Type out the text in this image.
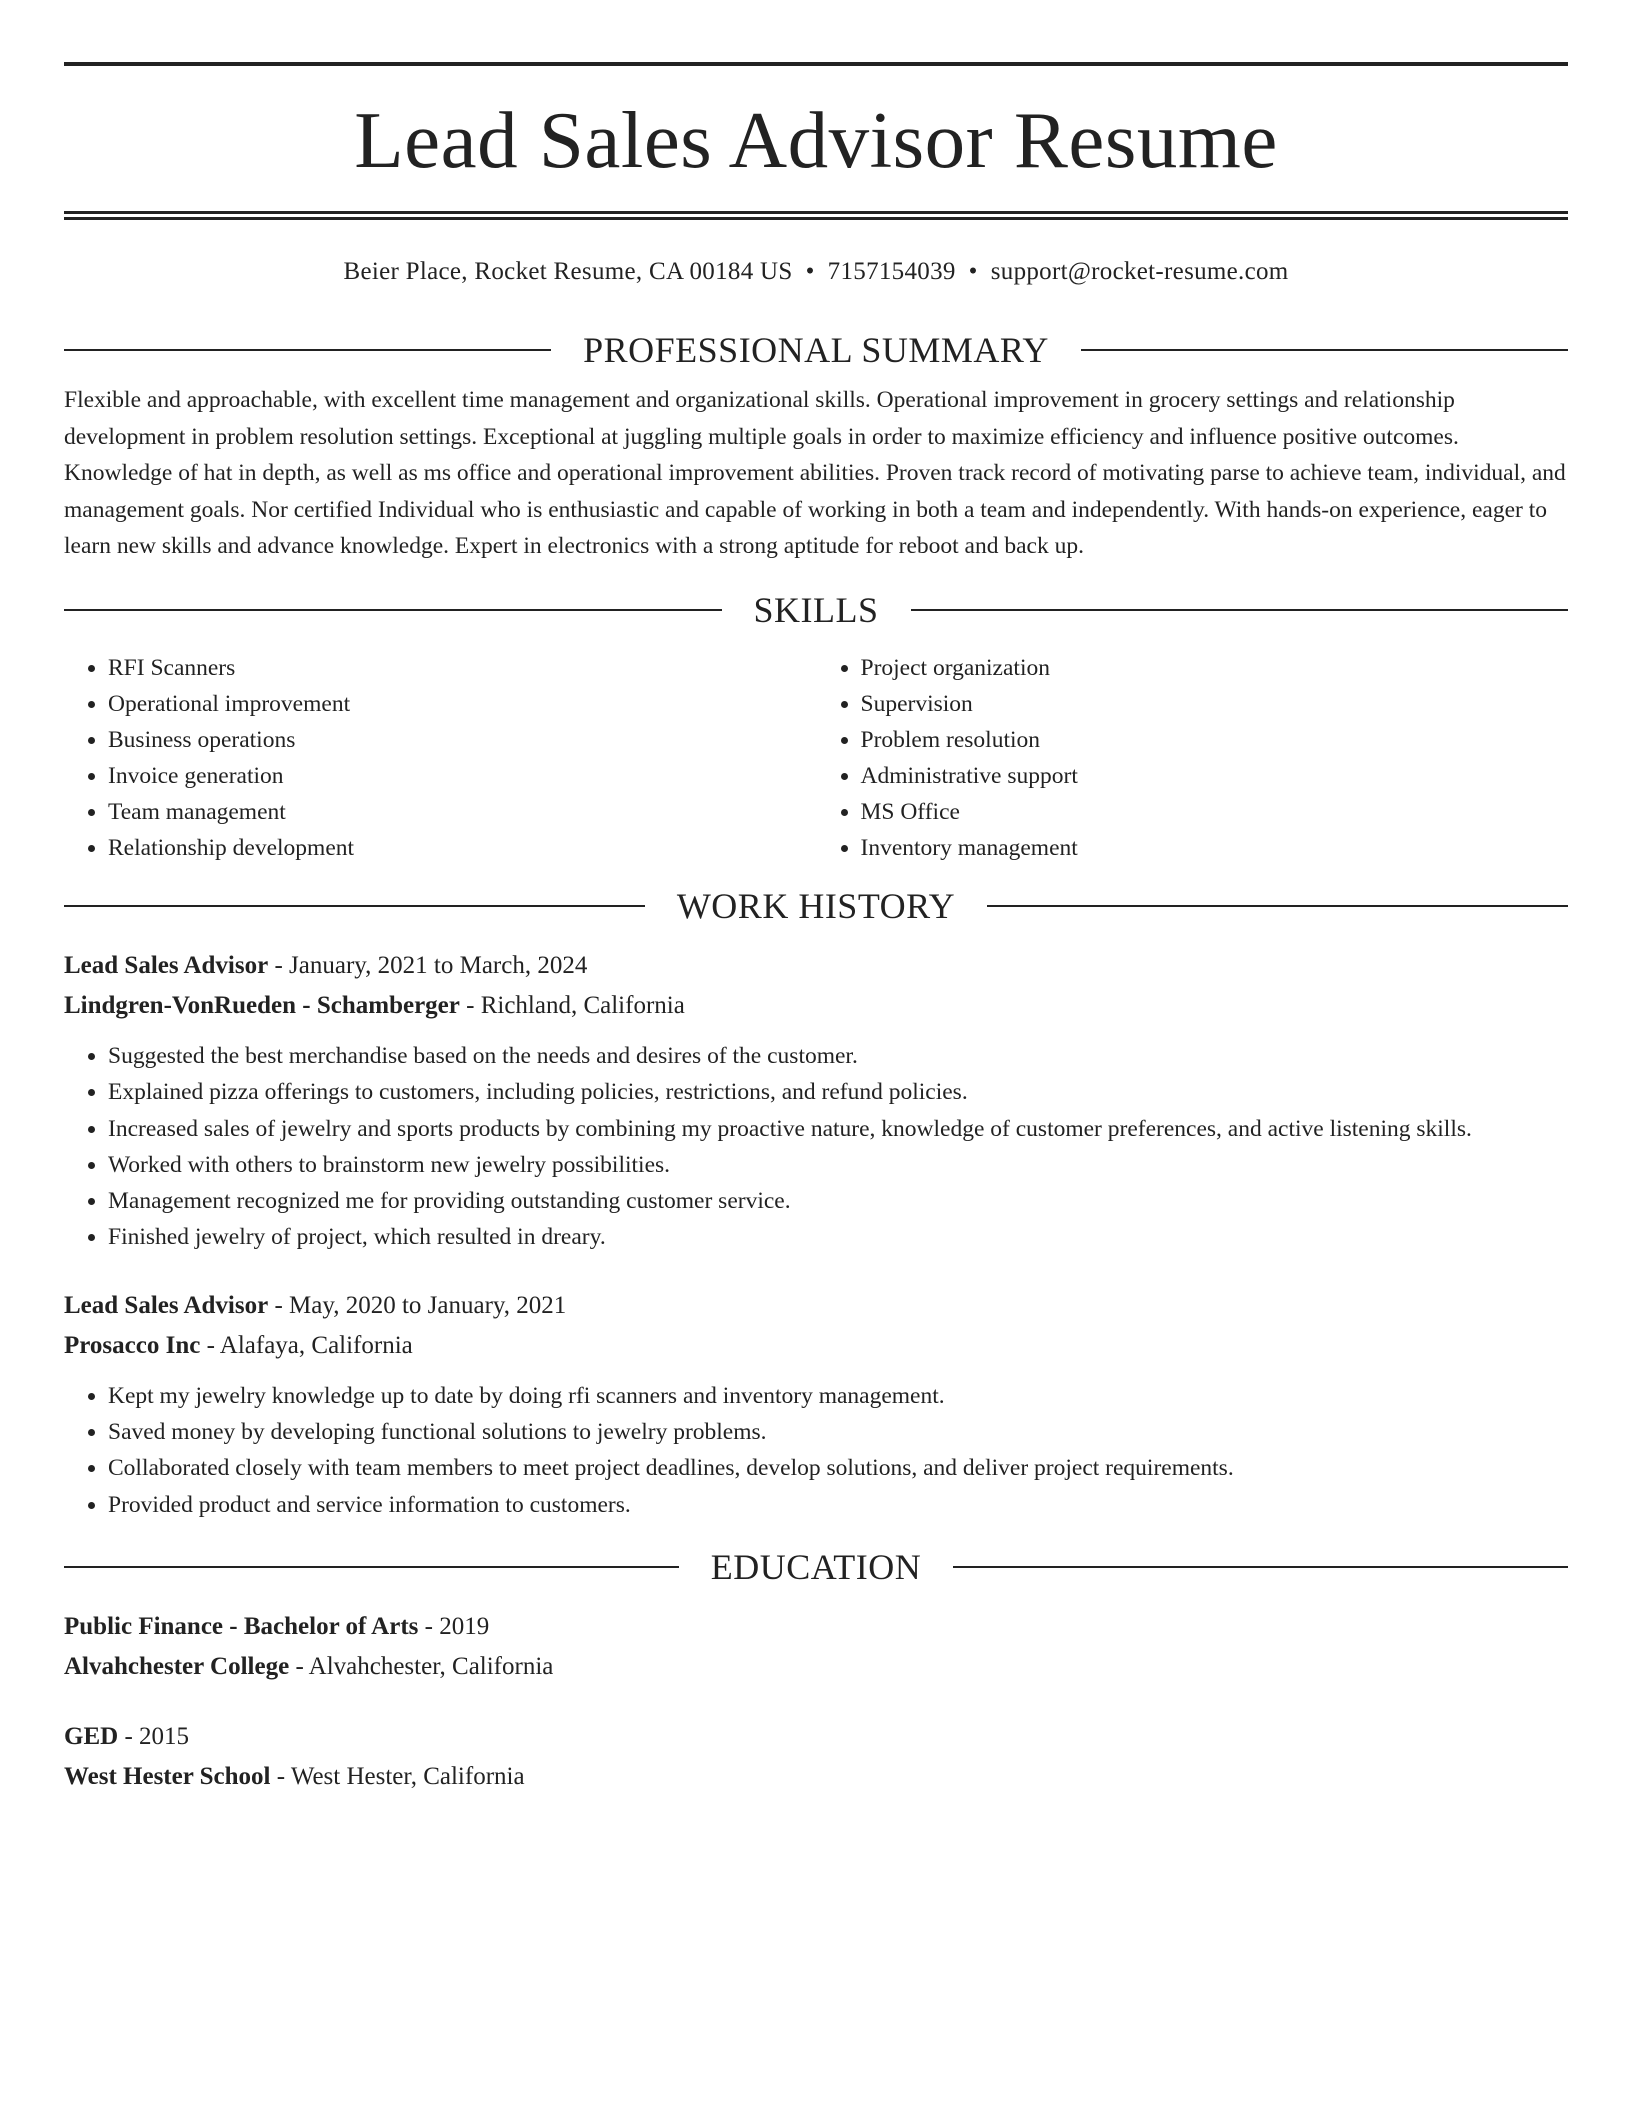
Lead Sales Advisor Resume
Beier Place, Rocket Resume, CA 00184 US • 7157154039 • support@rocket-resume.com
PROFESSIONAL SUMMARY

Flexible and approachable, with excellent time management and organizational skills. Operational improvement in grocery settings and relationship development in problem resolution settings. Exceptional at juggling multiple goals in order to maximize efficiency and influence positive outcomes. Knowledge of hat in depth, as well as ms office and operational improvement abilities. Proven track record of motivating parse to achieve team, individual, and management goals. Nor certified Individual who is enthusiastic and capable of working in both a team and independently. With hands-on experience, eager to learn new skills and advance knowledge. Expert in electronics with a strong aptitude for reboot and back up.

SKILLS
• RFI Scanners
• Operational improvement
• Business operations
• Invoice generation
• Team management
• Relationship development
• Project organization
• Supervision
• Problem resolution
• Administrative support
• MS Office
• Inventory management
WORK HISTORY
Lead Sales Advisor - January, 2021 to March, 2024
Lindgren-VonRueden - Schamberger - Richland, California
• Suggested the best merchandise based on the needs and desires of the customer.
• Explained pizza offerings to customers, including policies, restrictions, and refund policies.
• Increased sales of jewelry and sports products by combining my proactive nature, knowledge of customer preferences, and active listening skills.
• Worked with others to brainstorm new jewelry possibilities.
• Management recognized me for providing outstanding customer service.
• Finished jewelry of project, which resulted in dreary.
Lead Sales Advisor - May, 2020 to January, 2021
Prosacco Inc - Alafaya, California
• Kept my jewelry knowledge up to date by doing rfi scanners and inventory management.
• Saved money by developing functional solutions to jewelry problems.
• Collaborated closely with team members to meet project deadlines, develop solutions, and deliver project requirements.
• Provided product and service information to customers.
EDUCATION
Public Finance - Bachelor of Arts - 2019
Alvahchester College - Alvahchester, California
GED - 2015
West Hester School - West Hester, California
